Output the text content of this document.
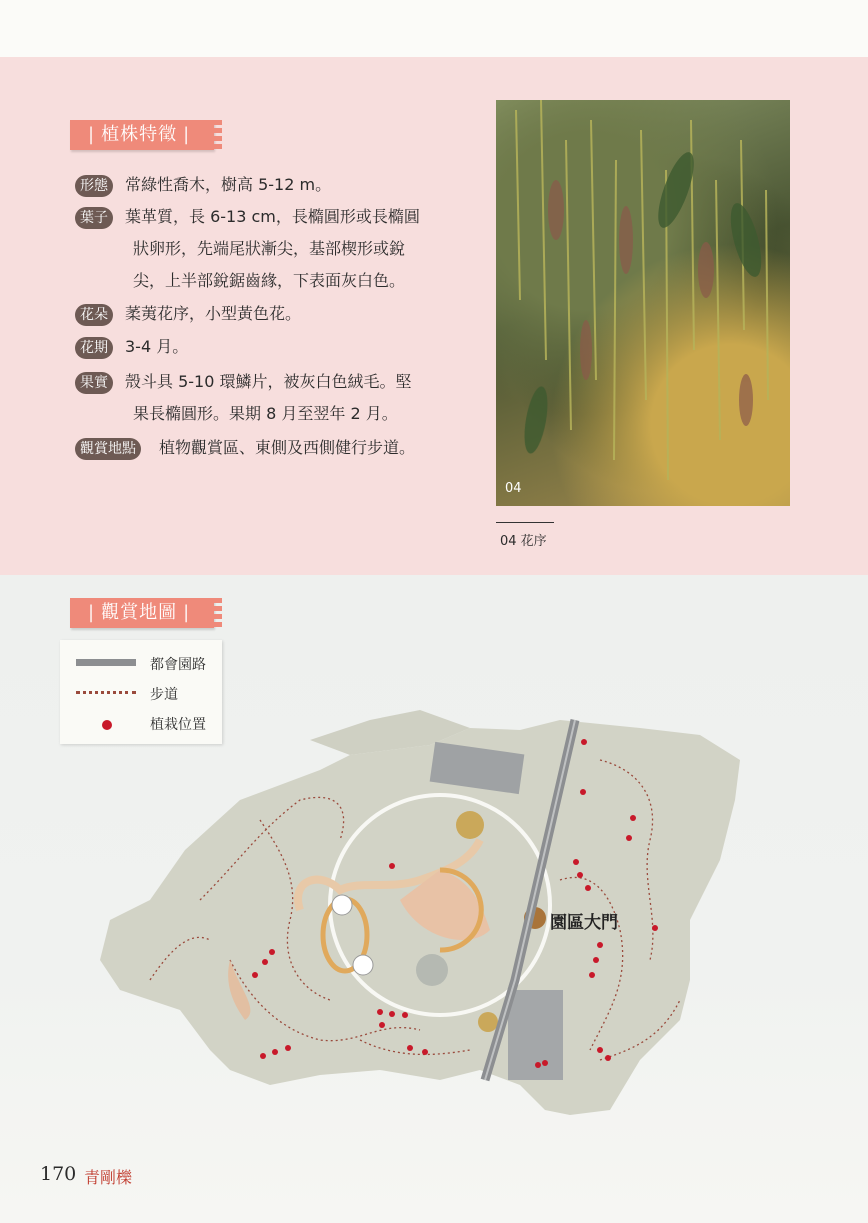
| 植株特徵 |
形態 常綠性喬木，樹高 5-12 m。
葉子 葉革質，長 6-13 cm，長橢圓形或長橢圓
狀卵形，先端尾狀漸尖，基部楔形或銳
尖，上半部銳鋸齒緣，下表面灰白色。
花朵 葇荑花序，小型黃色花。
花期 3-4 月。
果實 殼斗具 5-10 環鱗片，被灰白色絨毛。堅
果長橢圓形。果期 8 月至翌年 2 月。
觀賞地點 植物觀賞區、東側及西側健行步道。
04
04 花序
| 觀賞地圖 |
都會園路
步道
植栽位置
園區大門
170 青剛櫟
